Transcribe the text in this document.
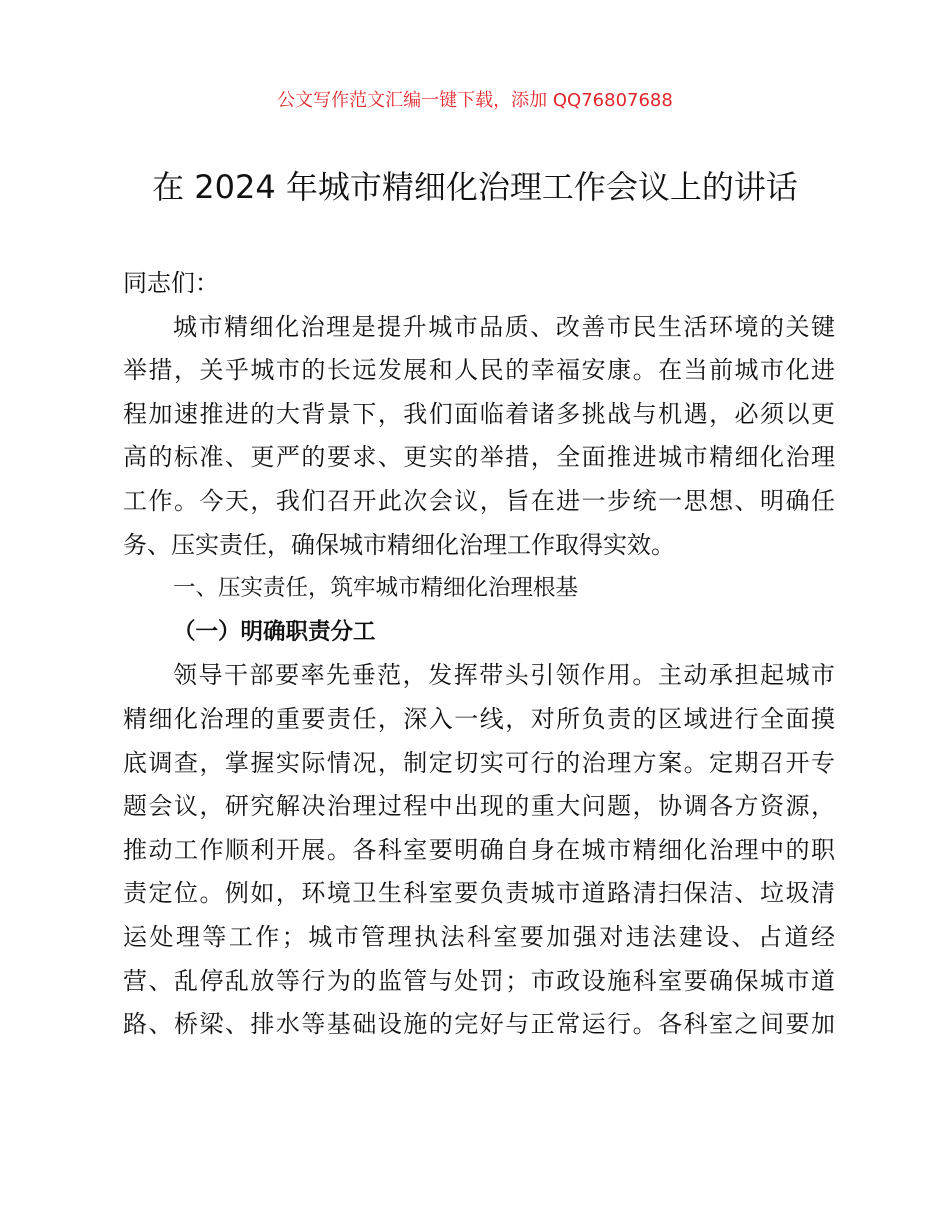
公文写作范文汇编一键下载，添加 QQ76807688
在 2024 年城市精细化治理工作会议上的讲话
同志们：
城市精细化治理是提升城市品质、改善市民生活环境的关键
举措，关乎城市的长远发展和人民的幸福安康。在当前城市化进
程加速推进的大背景下，我们面临着诸多挑战与机遇，必须以更
高的标准、更严的要求、更实的举措，全面推进城市精细化治理
工作。今天，我们召开此次会议，旨在进一步统一思想、明确任
务、压实责任，确保城市精细化治理工作取得实效。
一、压实责任，筑牢城市精细化治理根基
（一）明确职责分工
领导干部要率先垂范，发挥带头引领作用。主动承担起城市
精细化治理的重要责任，深入一线，对所负责的区域进行全面摸
底调查，掌握实际情况，制定切实可行的治理方案。定期召开专
题会议，研究解决治理过程中出现的重大问题，协调各方资源，
推动工作顺利开展。各科室要明确自身在城市精细化治理中的职
责定位。例如，环境卫生科室要负责城市道路清扫保洁、垃圾清
运处理等工作；城市管理执法科室要加强对违法建设、占道经
营、乱停乱放等行为的监管与处罚；市政设施科室要确保城市道
路、桥梁、排水等基础设施的完好与正常运行。各科室之间要加
